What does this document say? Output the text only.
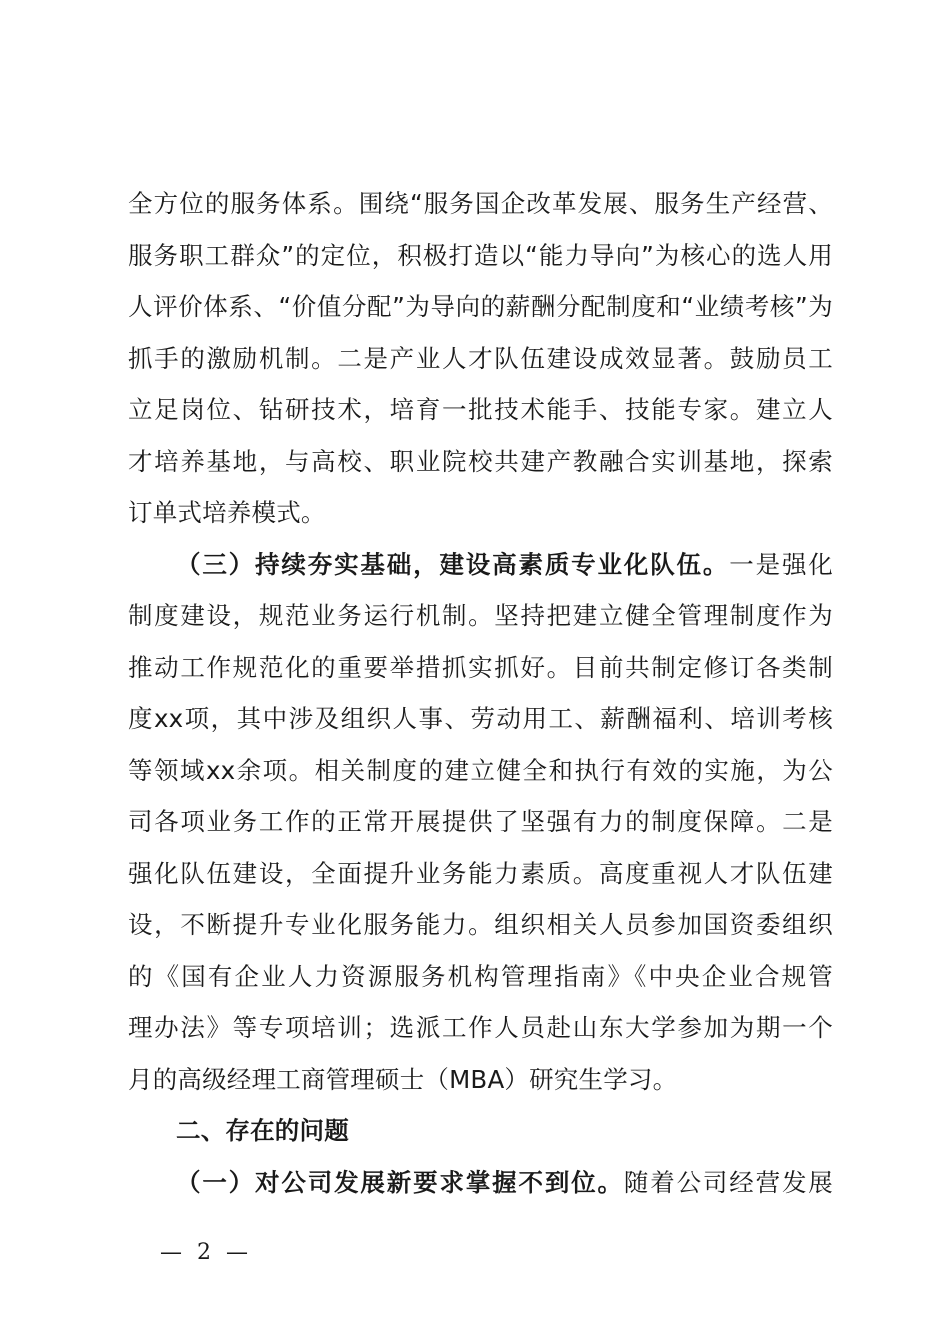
全方位的服务体系。围绕“服务国企改革发展、服务生产经营、
服务职工群众”的定位，积极打造以“能力导向”为核心的选人用
人评价体系、“价值分配”为导向的薪酬分配制度和“业绩考核”为
抓手的激励机制。二是产业人才队伍建设成效显著。鼓励员工
立足岗位、钻研技术，培育一批技术能手、技能专家。建立人
才培养基地，与高校、职业院校共建产教融合实训基地，探索
订单式培养模式。
（三）持续夯实基础，建设高素质专业化队伍。一是强化
制度建设，规范业务运行机制。坚持把建立健全管理制度作为
推动工作规范化的重要举措抓实抓好。目前共制定修订各类制
度xx项，其中涉及组织人事、劳动用工、薪酬福利、培训考核
等领域xx余项。相关制度的建立健全和执行有效的实施，为公
司各项业务工作的正常开展提供了坚强有力的制度保障。二是
强化队伍建设，全面提升业务能力素质。高度重视人才队伍建
设，不断提升专业化服务能力。组织相关人员参加国资委组织
的《国有企业人力资源服务机构管理指南》《中央企业合规管
理办法》等专项培训；选派工作人员赴山东大学参加为期一个
月的高级经理工商管理硕士（MBA）研究生学习。
二、存在的问题
（一）对公司发展新要求掌握不到位。随着公司经营发展
— 2 —
